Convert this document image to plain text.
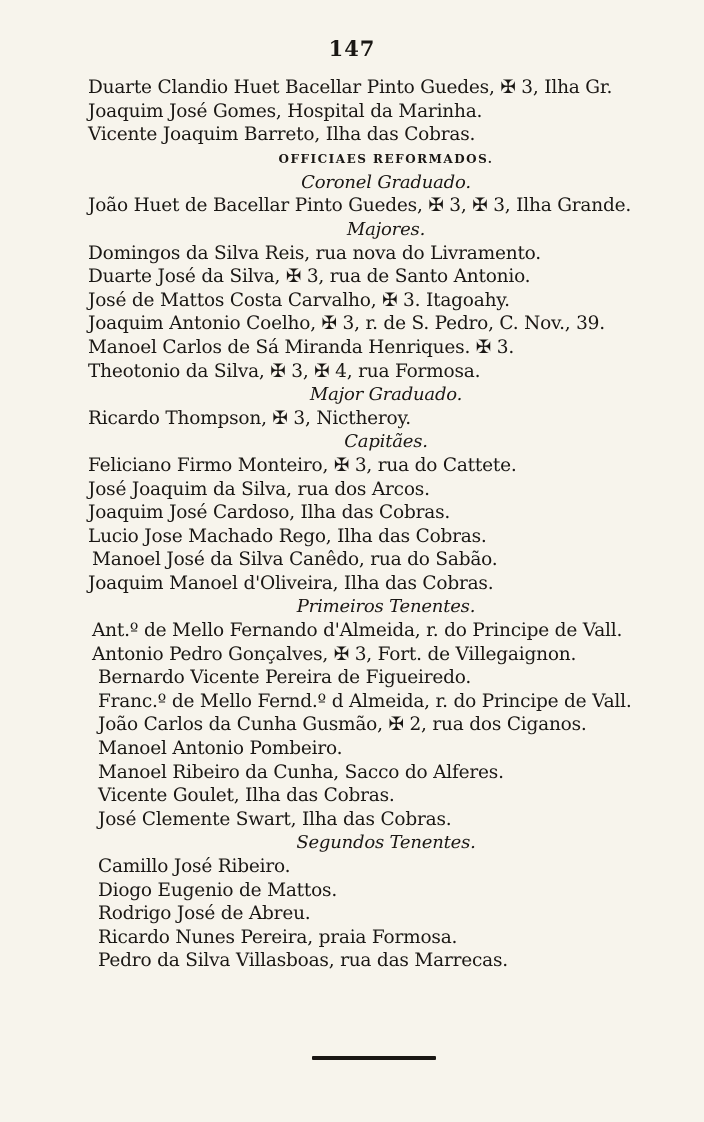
147
Duarte Clandio Huet Bacellar Pinto Guedes, ✠ 3, Ilha Gr.
Joaquim José Gomes, Hospital da Marinha.
Vicente Joaquim Barreto, Ilha das Cobras.
OFFICIAES REFORMADOS.
Coronel Graduado.
João Huet de Bacellar Pinto Guedes, ✠ 3, ✠ 3, Ilha Grande.
Majores.
Domingos da Silva Reis, rua nova do Livramento.
Duarte José da Silva, ✠ 3, rua de Santo Antonio.
José de Mattos Costa Carvalho, ✠ 3. Itagoahy.
Joaquim Antonio Coelho, ✠ 3, r. de S. Pedro, C. Nov., 39.
Manoel Carlos de Sá Miranda Henriques. ✠ 3.
Theotonio da Silva, ✠ 3, ✠ 4, rua Formosa.
Major Graduado.
Ricardo Thompson, ✠ 3, Nictheroy.
Capitães.
Feliciano Firmo Monteiro, ✠ 3, rua do Cattete.
José Joaquim da Silva, rua dos Arcos.
Joaquim José Cardoso, Ilha das Cobras.
Lucio Jose Machado Rego, Ilha das Cobras.
Manoel José da Silva Canêdo, rua do Sabão.
Joaquim Manoel d'Oliveira, Ilha das Cobras.
Primeiros Tenentes.
Ant.º de Mello Fernando d'Almeida, r. do Principe de Vall.
Antonio Pedro Gonçalves, ✠ 3, Fort. de Villegaignon.
Bernardo Vicente Pereira de Figueiredo.
Franc.º de Mello Fernd.º d Almeida, r. do Principe de Vall.
João Carlos da Cunha Gusmão, ✠ 2, rua dos Ciganos.
Manoel Antonio Pombeiro.
Manoel Ribeiro da Cunha, Sacco do Alferes.
Vicente Goulet, Ilha das Cobras.
José Clemente Swart, Ilha das Cobras.
Segundos Tenentes.
Camillo José Ribeiro.
Diogo Eugenio de Mattos.
Rodrigo José de Abreu.
Ricardo Nunes Pereira, praia Formosa.
Pedro da Silva Villasboas, rua das Marrecas.
